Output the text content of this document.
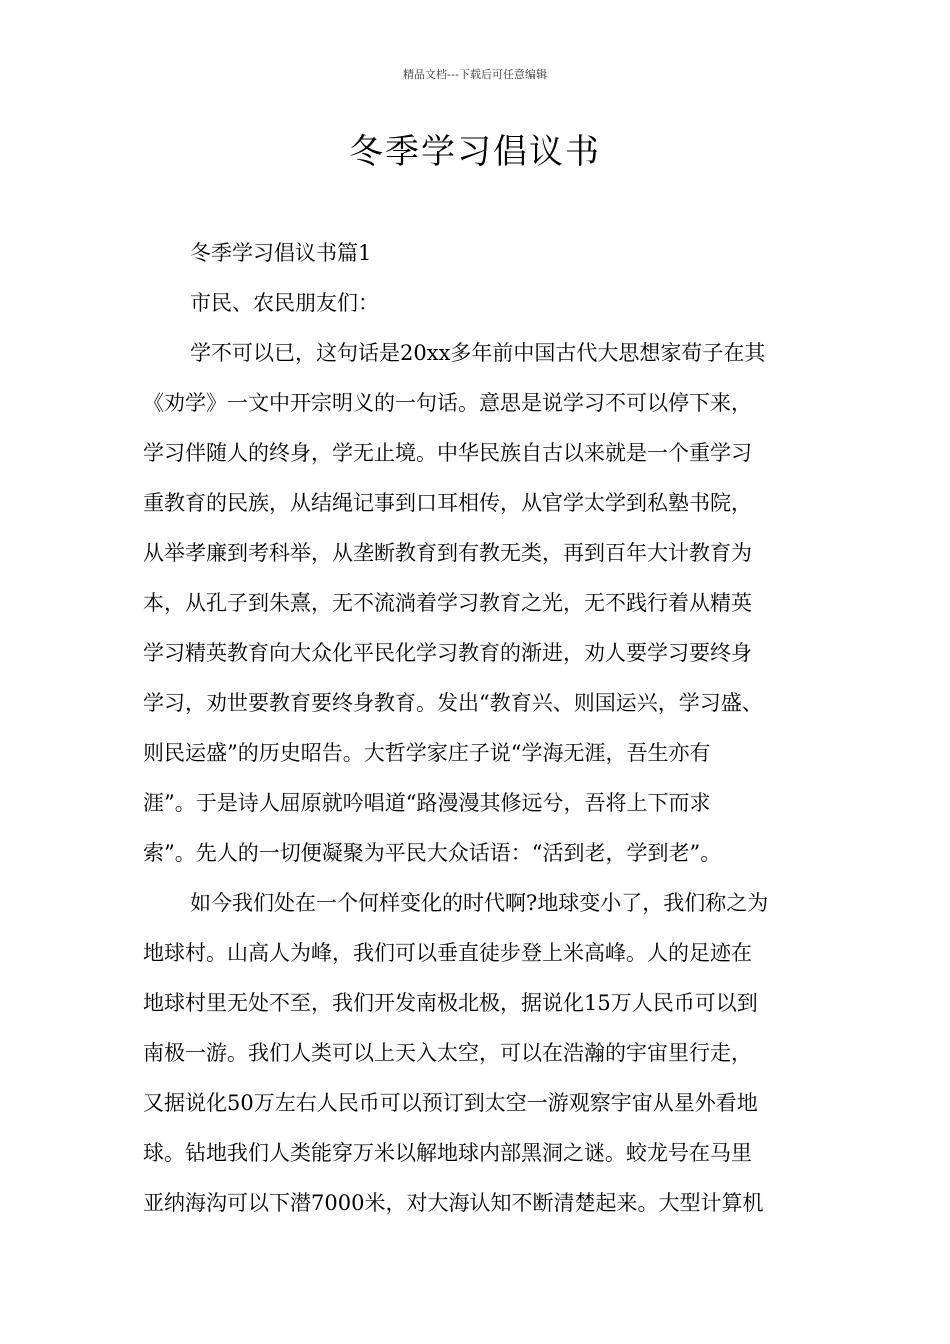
精品文档---下载后可任意编辑
冬季学习倡议书
冬季学习倡议书篇1
市民、农民朋友们：
学不可以已，这句话是20xx多年前中国古代大思想家荀子在其
《劝学》一文中开宗明义的一句话。意思是说学习不可以停下来，
学习伴随人的终身，学无止境。中华民族自古以来就是一个重学习
重教育的民族，从结绳记事到口耳相传，从官学太学到私塾书院，
从举孝廉到考科举，从垄断教育到有教无类，再到百年大计教育为
本，从孔子到朱熹，无不流淌着学习教育之光，无不践行着从精英
学习精英教育向大众化平民化学习教育的渐进，劝人要学习要终身
学习，劝世要教育要终身教育。发出“教育兴、则国运兴，学习盛、
则民运盛”的历史昭告。大哲学家庄子说“学海无涯，吾生亦有
涯”。于是诗人屈原就吟唱道“路漫漫其修远兮，吾将上下而求
索”。先人的一切便凝聚为平民大众话语：“活到老，学到老”。
如今我们处在一个何样变化的时代啊?地球变小了，我们称之为
地球村。山高人为峰，我们可以垂直徒步登上米高峰。人的足迹在
地球村里无处不至，我们开发南极北极，据说化15万人民币可以到
南极一游。我们人类可以上天入太空，可以在浩瀚的宇宙里行走，
又据说化50万左右人民币可以预订到太空一游观察宇宙从星外看地
球。钻地我们人类能穿万米以解地球内部黑洞之谜。蛟龙号在马里
亚纳海沟可以下潜7000米，对大海认知不断清楚起来。大型计算机
